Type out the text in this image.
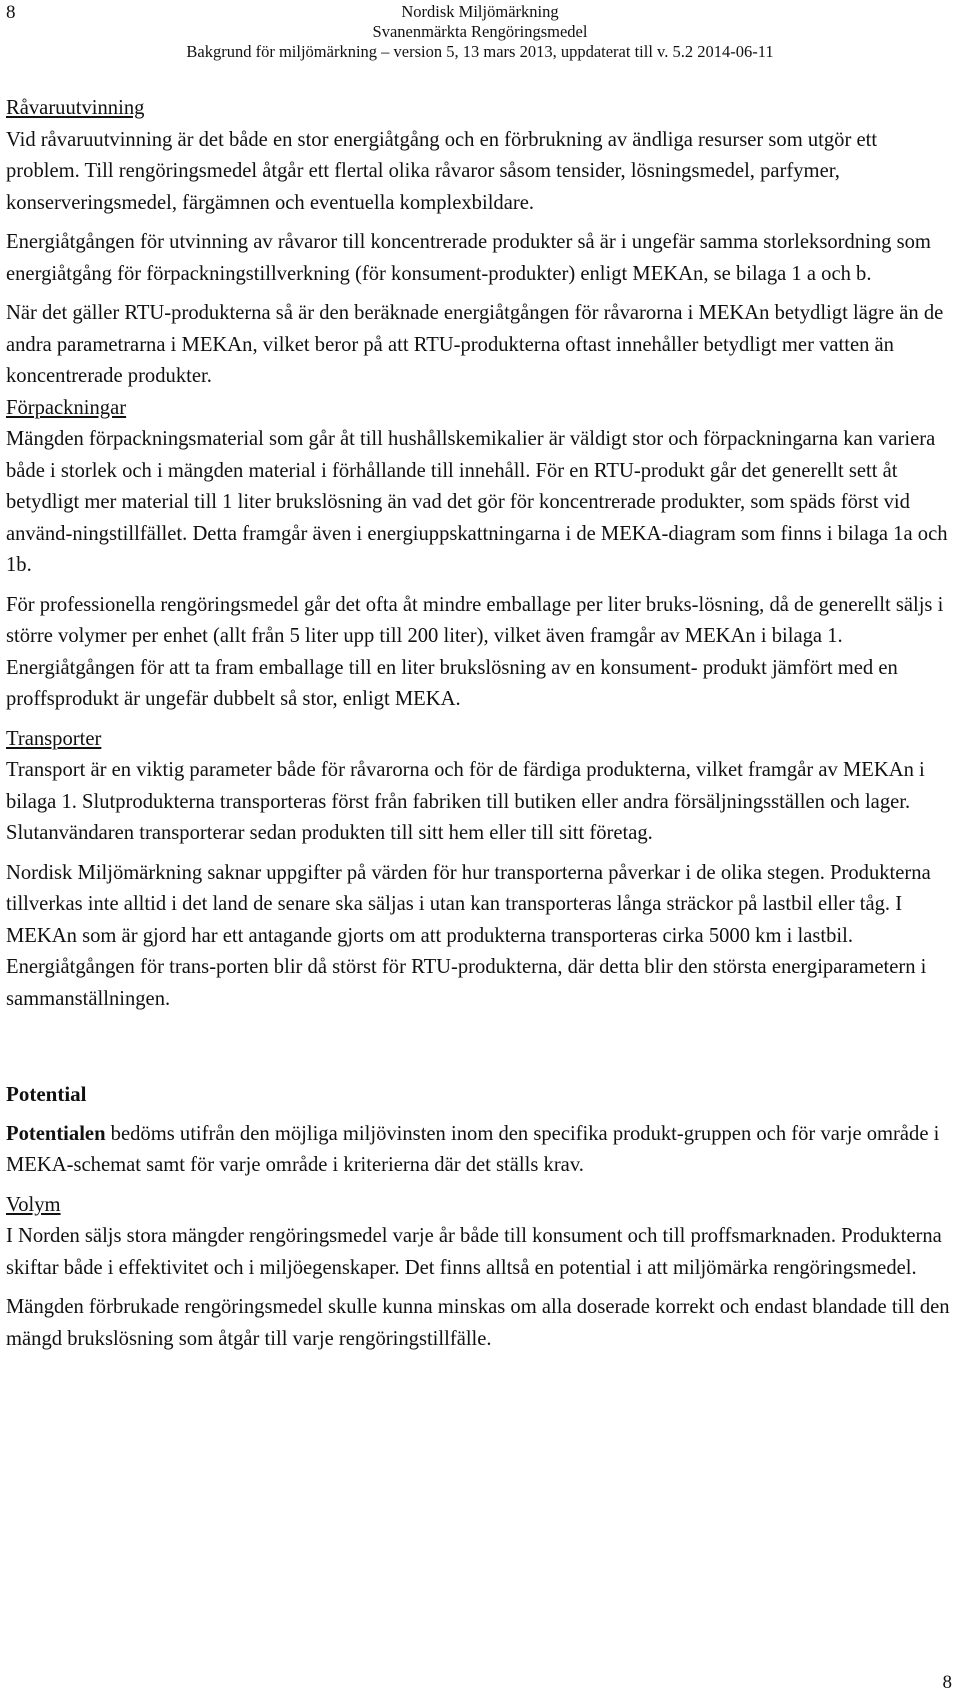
8	Nordisk Miljömärkning
Svanenmärkta Rengöringsmedel
Bakgrund för miljömärkning – version 5, 13 mars 2013, uppdaterat till v. 5.2 2014-06-11

Råvaruutvinning

Vid råvaruutvinning är det både en stor energiåtgång och en förbrukning av ändliga resurser som utgör ett problem. Till rengöringsmedel åtgår ett flertal olika råvaror såsom tensider, lösningsmedel, parfymer, konserveringsmedel, färgämnen och eventuella komplexbildare.

Energiåtgången för utvinning av råvaror till koncentrerade produkter så är i ungefär samma storleksordning som energiåtgång för förpackningstillverkning (för konsument-produkter) enligt MEKAn, se bilaga 1 a och b.

När det gäller RTU-produkterna så är den beräknade energiåtgången för råvarorna i MEKAn betydligt lägre än de andra parametrarna i MEKAn, vilket beror på att RTU-produkterna oftast innehåller betydligt mer vatten än koncentrerade produkter.

Förpackningar

Mängden förpackningsmaterial som går åt till hushållskemikalier är väldigt stor och förpackningarna kan variera både i storlek och i mängden material i förhållande till innehåll. För en RTU-produkt går det generellt sett åt betydligt mer material till 1 liter brukslösning än vad det gör för koncentrerade produkter, som späds först vid använd-ningstillfället. Detta framgår även i energiuppskattningarna i de MEKA-diagram som finns i bilaga 1a och 1b.

För professionella rengöringsmedel går det ofta åt mindre emballage per liter bruks-lösning, då de generellt säljs i större volymer per enhet (allt från 5 liter upp till 200 liter), vilket även framgår av MEKAn i bilaga 1. Energiåtgången för att ta fram emballage till en liter brukslösning av en konsument- produkt jämfört med en proffsprodukt är ungefär dubbelt så stor, enligt MEKA.

Transporter

Transport är en viktig parameter både för råvarorna och för de färdiga produkterna, vilket framgår av MEKAn i bilaga 1. Slutprodukterna transporteras först från fabriken till butiken eller andra försäljningsställen och lager. Slutanvändaren transporterar sedan produkten till sitt hem eller till sitt företag.

Nordisk Miljömärkning saknar uppgifter på värden för hur transporterna påverkar i de olika stegen. Produkterna tillverkas inte alltid i det land de senare ska säljas i utan kan transporteras långa sträckor på lastbil eller tåg. I MEKAn som är gjord har ett antagande gjorts om att produkterna transporteras cirka 5000 km i lastbil. Energiåtgången för trans-porten blir då störst för RTU-produkterna, där detta blir den största energiparametern i sammanställningen.

Potential

Potentialen bedöms utifrån den möjliga miljövinsten inom den specifika produkt-gruppen och för varje område i MEKA-schemat samt för varje område i kriterierna där det ställs krav.

Volym

I Norden säljs stora mängder rengöringsmedel varje år både till konsument och till proffsmarknaden. Produkterna skiftar både i effektivitet och i miljöegenskaper. Det finns alltså en potential i att miljömärka rengöringsmedel.

Mängden förbrukade rengöringsmedel skulle kunna minskas om alla doserade korrekt och endast blandade till den mängd brukslösning som åtgår till varje rengöringstillfälle.

8
